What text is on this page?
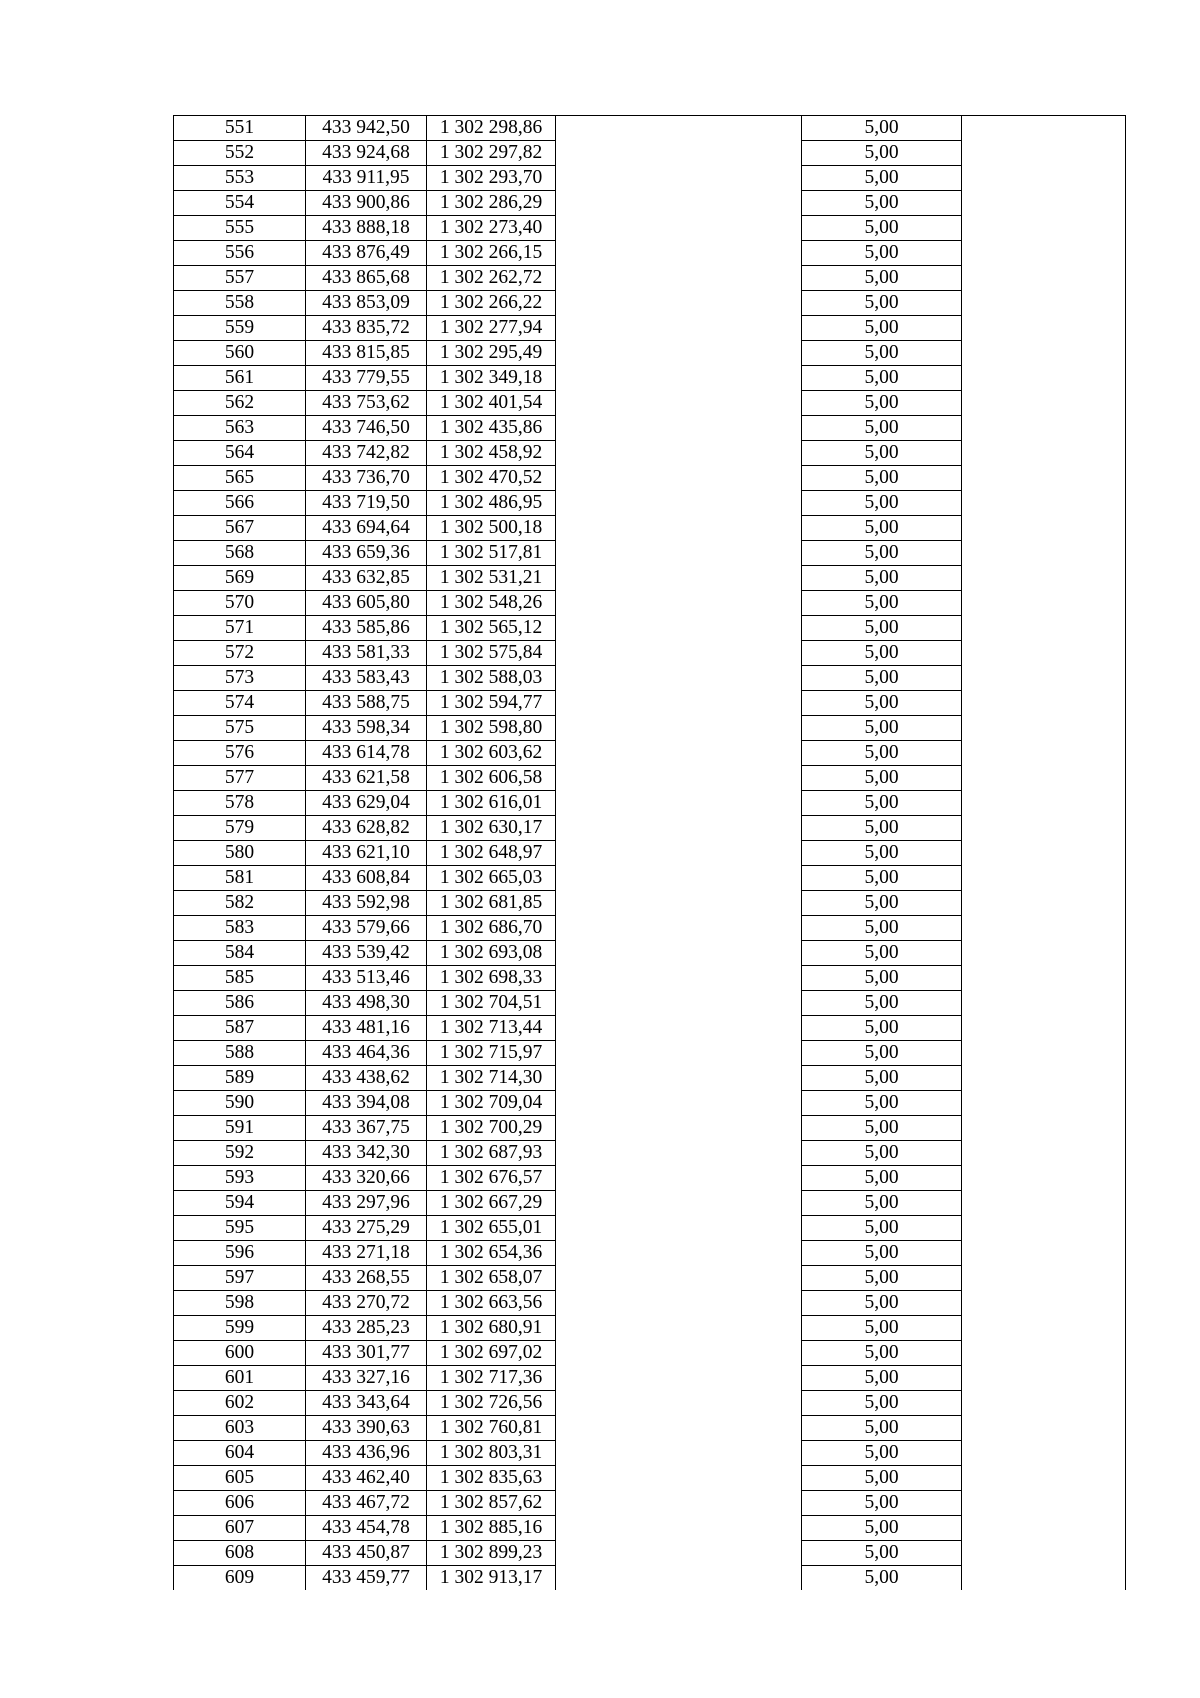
551	433 942,50	1 302 298,86		5,00	
552	433 924,68	1 302 297,82		5,00	
553	433 911,95	1 302 293,70		5,00	
554	433 900,86	1 302 286,29		5,00	
555	433 888,18	1 302 273,40		5,00	
556	433 876,49	1 302 266,15		5,00	
557	433 865,68	1 302 262,72		5,00	
558	433 853,09	1 302 266,22		5,00	
559	433 835,72	1 302 277,94		5,00	
560	433 815,85	1 302 295,49		5,00	
561	433 779,55	1 302 349,18		5,00	
562	433 753,62	1 302 401,54		5,00	
563	433 746,50	1 302 435,86		5,00	
564	433 742,82	1 302 458,92		5,00	
565	433 736,70	1 302 470,52		5,00	
566	433 719,50	1 302 486,95		5,00	
567	433 694,64	1 302 500,18		5,00	
568	433 659,36	1 302 517,81		5,00	
569	433 632,85	1 302 531,21		5,00	
570	433 605,80	1 302 548,26		5,00	
571	433 585,86	1 302 565,12		5,00	
572	433 581,33	1 302 575,84		5,00	
573	433 583,43	1 302 588,03		5,00	
574	433 588,75	1 302 594,77		5,00	
575	433 598,34	1 302 598,80		5,00	
576	433 614,78	1 302 603,62		5,00	
577	433 621,58	1 302 606,58		5,00	
578	433 629,04	1 302 616,01		5,00	
579	433 628,82	1 302 630,17		5,00	
580	433 621,10	1 302 648,97		5,00	
581	433 608,84	1 302 665,03		5,00	
582	433 592,98	1 302 681,85		5,00	
583	433 579,66	1 302 686,70		5,00	
584	433 539,42	1 302 693,08		5,00	
585	433 513,46	1 302 698,33		5,00	
586	433 498,30	1 302 704,51		5,00	
587	433 481,16	1 302 713,44		5,00	
588	433 464,36	1 302 715,97		5,00	
589	433 438,62	1 302 714,30		5,00	
590	433 394,08	1 302 709,04		5,00	
591	433 367,75	1 302 700,29		5,00	
592	433 342,30	1 302 687,93		5,00	
593	433 320,66	1 302 676,57		5,00	
594	433 297,96	1 302 667,29		5,00	
595	433 275,29	1 302 655,01		5,00	
596	433 271,18	1 302 654,36		5,00	
597	433 268,55	1 302 658,07		5,00	
598	433 270,72	1 302 663,56		5,00	
599	433 285,23	1 302 680,91		5,00	
600	433 301,77	1 302 697,02		5,00	
601	433 327,16	1 302 717,36		5,00	
602	433 343,64	1 302 726,56		5,00	
603	433 390,63	1 302 760,81		5,00	
604	433 436,96	1 302 803,31		5,00	
605	433 462,40	1 302 835,63		5,00	
606	433 467,72	1 302 857,62		5,00	
607	433 454,78	1 302 885,16		5,00	
608	433 450,87	1 302 899,23		5,00	
609	433 459,77	1 302 913,17		5,00	
